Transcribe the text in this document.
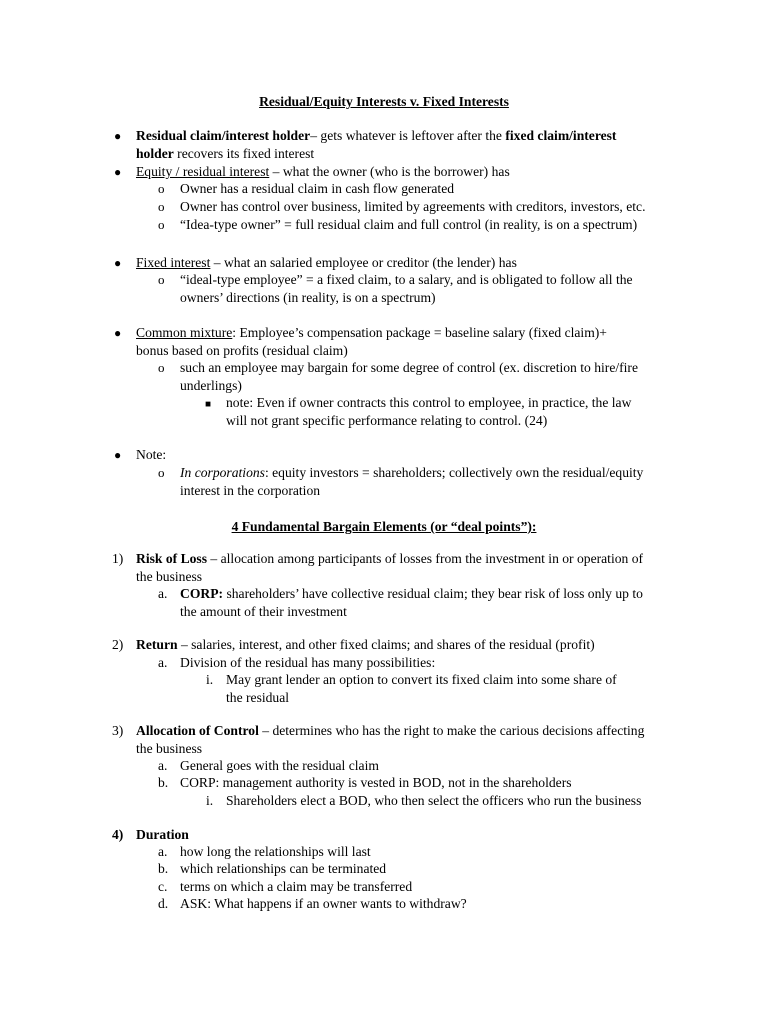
Residual/Equity Interests v. Fixed Interests
● Residual claim/interest holder– gets whatever is leftover after the fixed claim/interest
holder recovers its fixed interest
● Equity / residual interest – what the owner (who is the borrower) has
o Owner has a residual claim in cash flow generated
o Owner has control over business, limited by agreements with creditors, investors, etc.
o “Idea-type owner” = full residual claim and full control (in reality, is on a spectrum)
● Fixed interest – what an salaried employee or creditor (the lender) has
o “ideal-type employee” = a fixed claim, to a salary, and is obligated to follow all the
owners’ directions (in reality, is on a spectrum)
● Common mixture: Employee’s compensation package = baseline salary (fixed claim)+
bonus based on profits (residual claim)
o such an employee may bargain for some degree of control (ex. discretion to hire/fire
underlings)
■ note: Even if owner contracts this control to employee, in practice, the law
will not grant specific performance relating to control. (24)
● Note:
o In corporations: equity investors = shareholders; collectively own the residual/equity
interest in the corporation
4 Fundamental Bargain Elements (or “deal points”):
1) Risk of Loss – allocation among participants of losses from the investment in or operation of
the business
a. CORP: shareholders’ have collective residual claim; they bear risk of loss only up to
the amount of their investment
2) Return – salaries, interest, and other fixed claims; and shares of the residual (profit)
a. Division of the residual has many possibilities:
i. May grant lender an option to convert its fixed claim into some share of
the residual
3) Allocation of Control – determines who has the right to make the carious decisions affecting
the business
a. General goes with the residual claim
b. CORP: management authority is vested in BOD, not in the shareholders
i. Shareholders elect a BOD, who then select the officers who run the business
4) Duration
a. how long the relationships will last
b. which relationships can be terminated
c. terms on which a claim may be transferred
d. ASK: What happens if an owner wants to withdraw?
